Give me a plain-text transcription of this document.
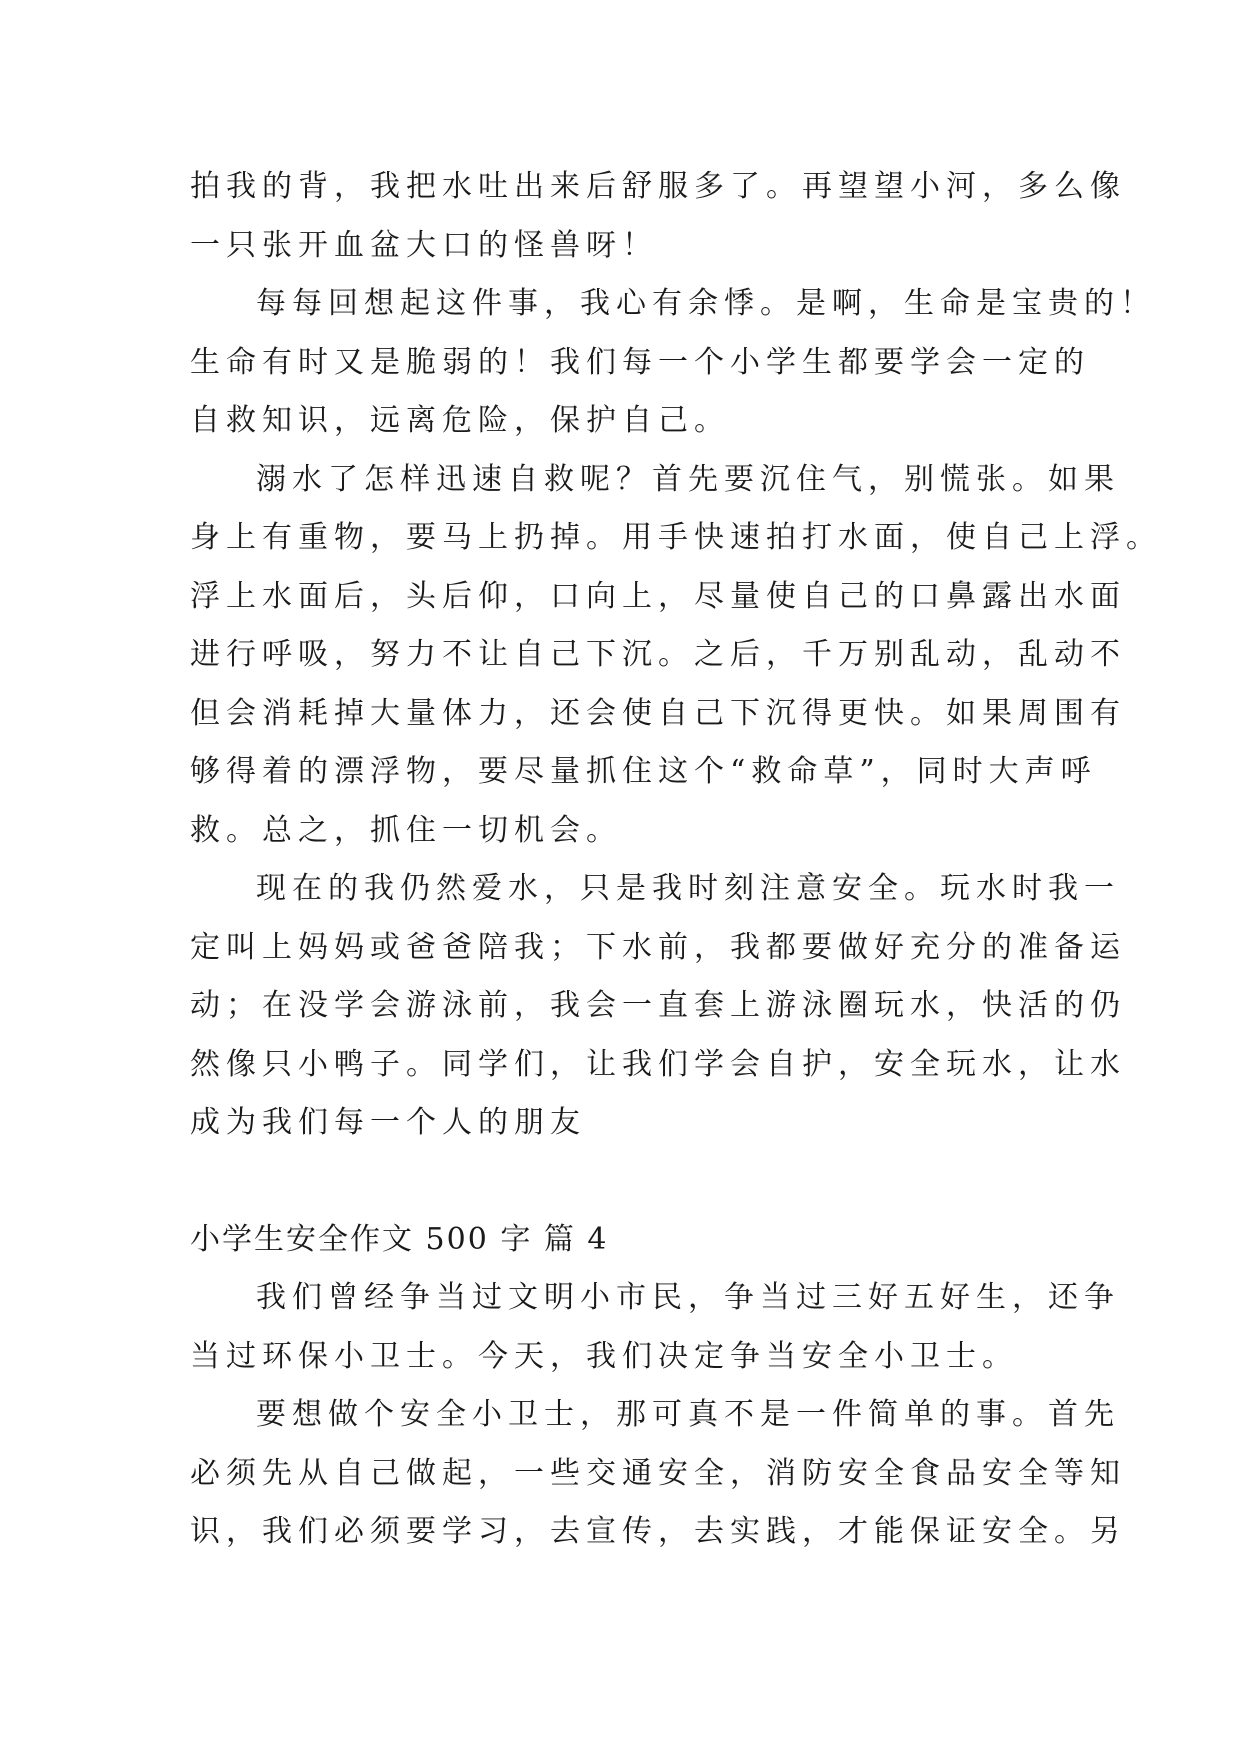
拍我的背，我把水吐出来后舒服多了。再望望小河，多么像
一只张开血盆大口的怪兽呀！
每每回想起这件事，我心有余悸。是啊，生命是宝贵的！
生命有时又是脆弱的！我们每一个小学生都要学会一定的
自救知识，远离危险，保护自己。
溺水了怎样迅速自救呢？首先要沉住气，别慌张。如果
身上有重物，要马上扔掉。用手快速拍打水面，使自己上浮。
浮上水面后，头后仰，口向上，尽量使自己的口鼻露出水面
进行呼吸，努力不让自己下沉。之后，千万别乱动，乱动不
但会消耗掉大量体力，还会使自己下沉得更快。如果周围有
够得着的漂浮物，要尽量抓住这个“救命草”，同时大声呼
救。总之，抓住一切机会。
现在的我仍然爱水，只是我时刻注意安全。玩水时我一
定叫上妈妈或爸爸陪我；下水前，我都要做好充分的准备运
动；在没学会游泳前，我会一直套上游泳圈玩水，快活的仍
然像只小鸭子。同学们，让我们学会自护，安全玩水，让水
成为我们每一个人的朋友
小学生安全作文 500 字 篇 4
我们曾经争当过文明小市民，争当过三好五好生，还争
当过环保小卫士。今天，我们决定争当安全小卫士。
要想做个安全小卫士，那可真不是一件简单的事。首先
必须先从自己做起，一些交通安全，消防安全食品安全等知
识，我们必须要学习，去宣传，去实践，才能保证安全。另
